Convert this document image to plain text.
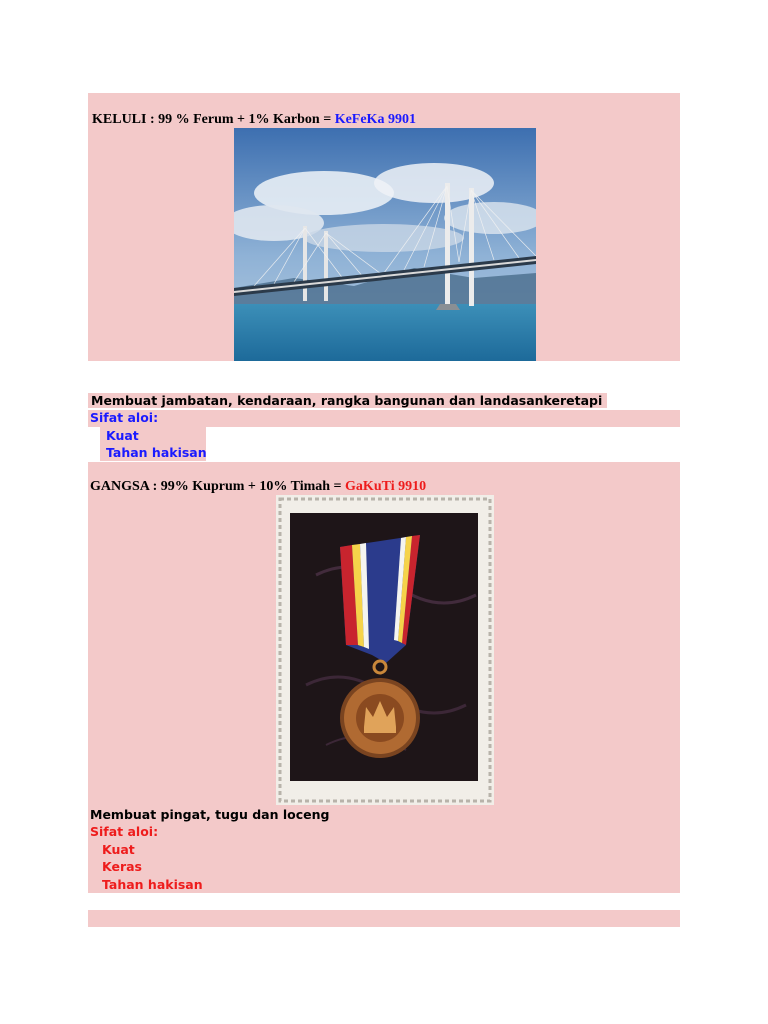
KELULI : 99 % Ferum + 1% Karbon = KeFeKa 9901
Membuat jambatan, kendaraan, rangka bangunan dan landasankeretapi
Sifat aloi:
Kuat
Tahan hakisan
GANGSA : 99% Kuprum + 10% Timah = GaKuTi 9910
Membuat pingat, tugu dan loceng
Sifat aloi:
Kuat
Keras
Tahan hakisan
